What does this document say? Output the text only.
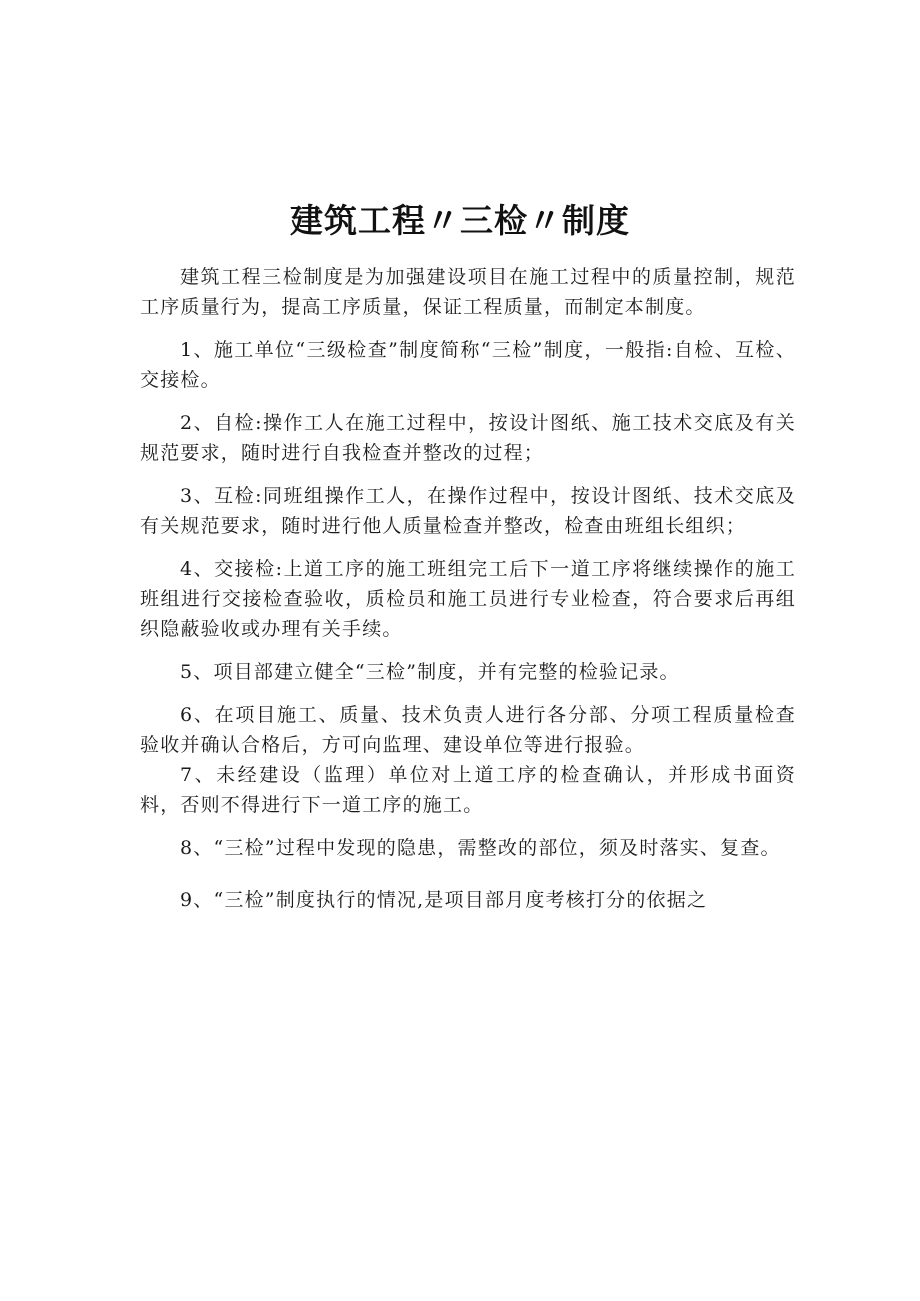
建筑工程〃三检〃制度

建筑工程三检制度是为加强建设项目在施工过程中的质量控制，规范工序质量行为，提高工序质量，保证工程质量，而制定本制度。

1、施工单位“三级检查”制度简称“三检”制度，一般指:自检、互检、交接检。

2、自检:操作工人在施工过程中，按设计图纸、施工技术交底及有关规范要求，随时进行自我检查并整改的过程；

3、互检:同班组操作工人，在操作过程中，按设计图纸、技术交底及有关规范要求，随时进行他人质量检查并整改，检查由班组长组织；

4、交接检:上道工序的施工班组完工后下一道工序将继续操作的施工班组进行交接检查验收，质检员和施工员进行专业检查，符合要求后再组织隐蔽验收或办理有关手续。

5、项目部建立健全“三检”制度，并有完整的检验记录。

6、在项目施工、质量、技术负责人进行各分部、分项工程质量检查验收并确认合格后，方可向监理、建设单位等进行报验。

7、未经建设（监理）单位对上道工序的检查确认，并形成书面资料，否则不得进行下一道工序的施工。

8、“三检”过程中发现的隐患，需整改的部位，须及时落实、复查。

9、“三检”制度执行的情况,是项目部月度考核打分的依据之
